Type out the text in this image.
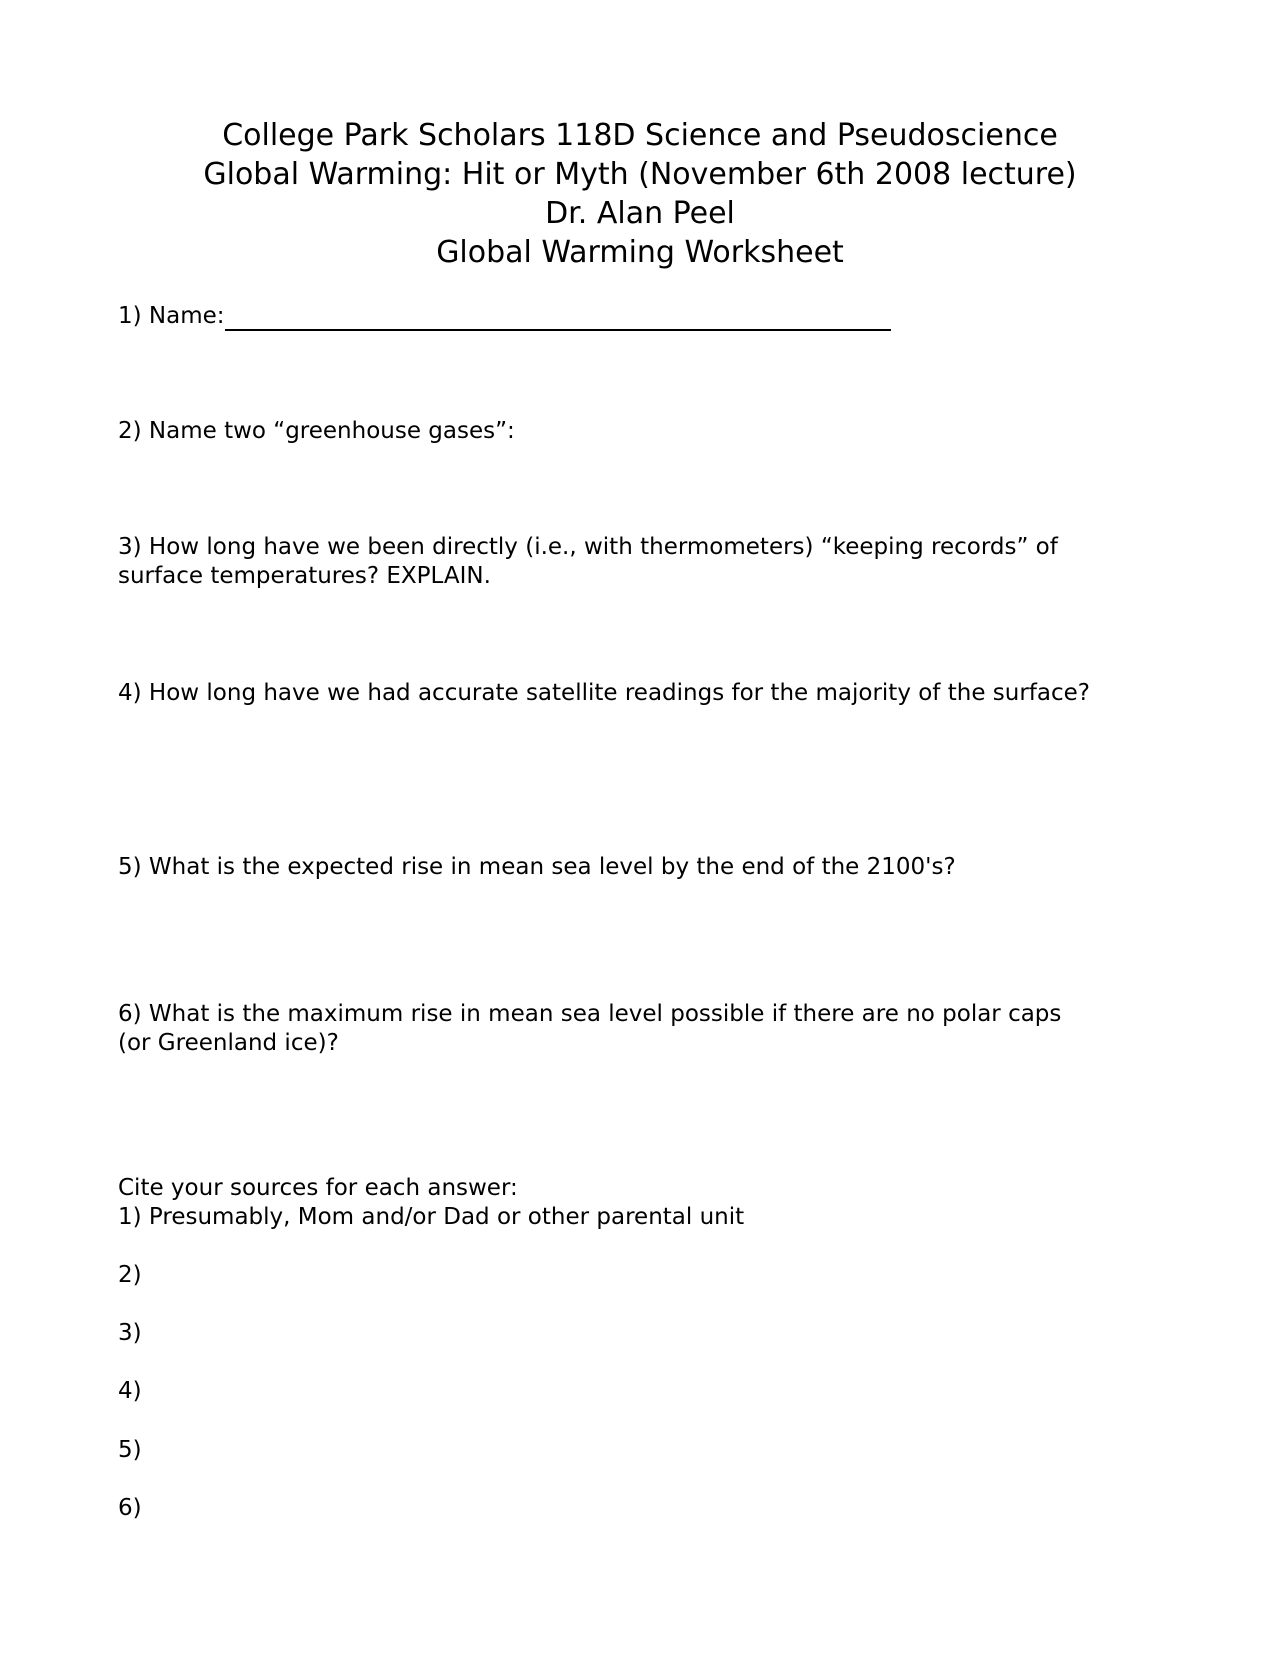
College Park Scholars 118D Science and Pseudoscience
Global Warming: Hit or Myth (November 6th 2008 lecture)
Dr. Alan Peel
Global Warming Worksheet
1) Name:
2) Name two “greenhouse gases”:
3) How long have we been directly (i.e., with thermometers) “keeping records” of
surface temperatures? EXPLAIN.
4) How long have we had accurate satellite readings for the majority of the surface?
5) What is the expected rise in mean sea level by the end of the 2100's?
6) What is the maximum rise in mean sea level possible if there are no polar caps
(or Greenland ice)?
Cite your sources for each answer:
1) Presumably, Mom and/or Dad or other parental unit
2)
3)
4)
5)
6)
